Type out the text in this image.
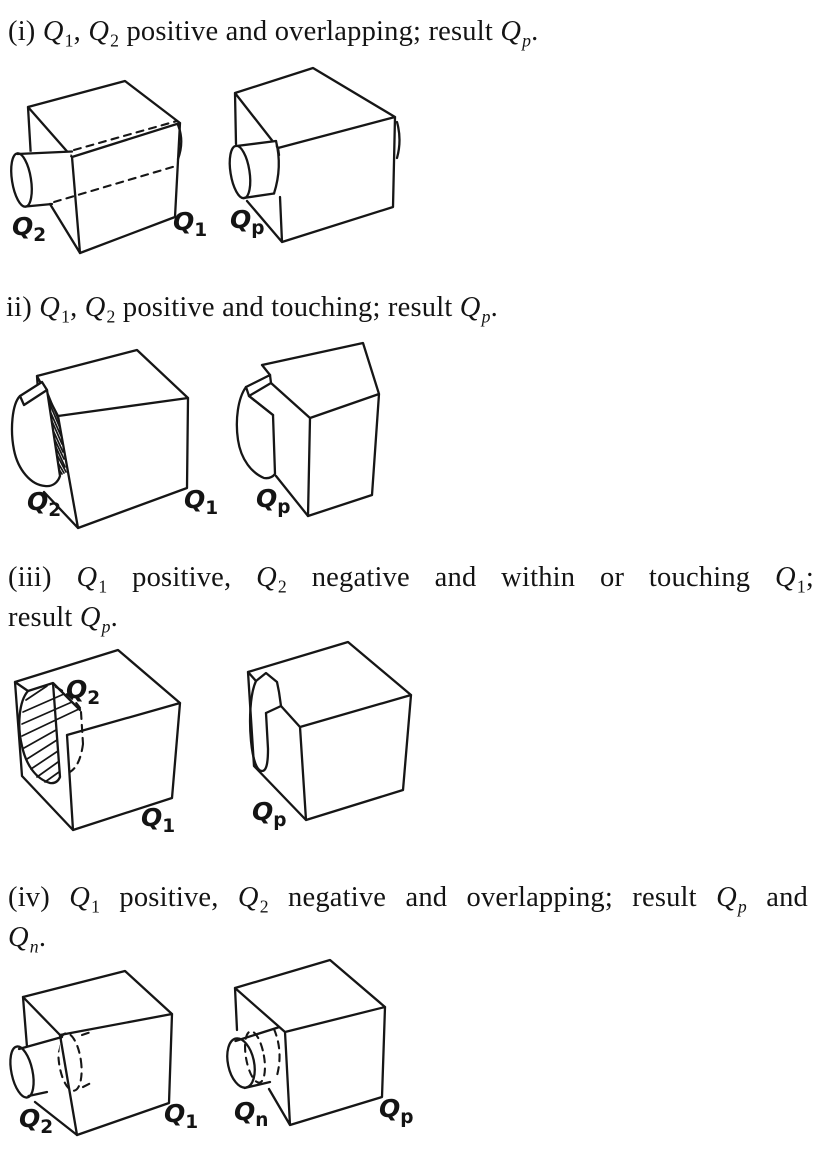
(i) $Q_1$, $Q_2$ positive and overlapping; result $Q_p$.
ii) $Q_1$, $Q_2$ positive and touching; result $Q_p$.
(iii) $Q_1$ positive, $Q_2$ negative and within or touching $Q_1$;
result $Q_p$.
(iv) $Q_1$ positive, $Q_2$ negative and overlapping; result $Q_p$ and
$Q_n$.
$Q_2$	$Q_1$ $Q_p$
$Q_2$	$Q_1$ $Q_p$
$Q_2$
$Q_1$
$Q_p$
$Q_2$	$Q_1$ $Q_n$	$Q_p$
